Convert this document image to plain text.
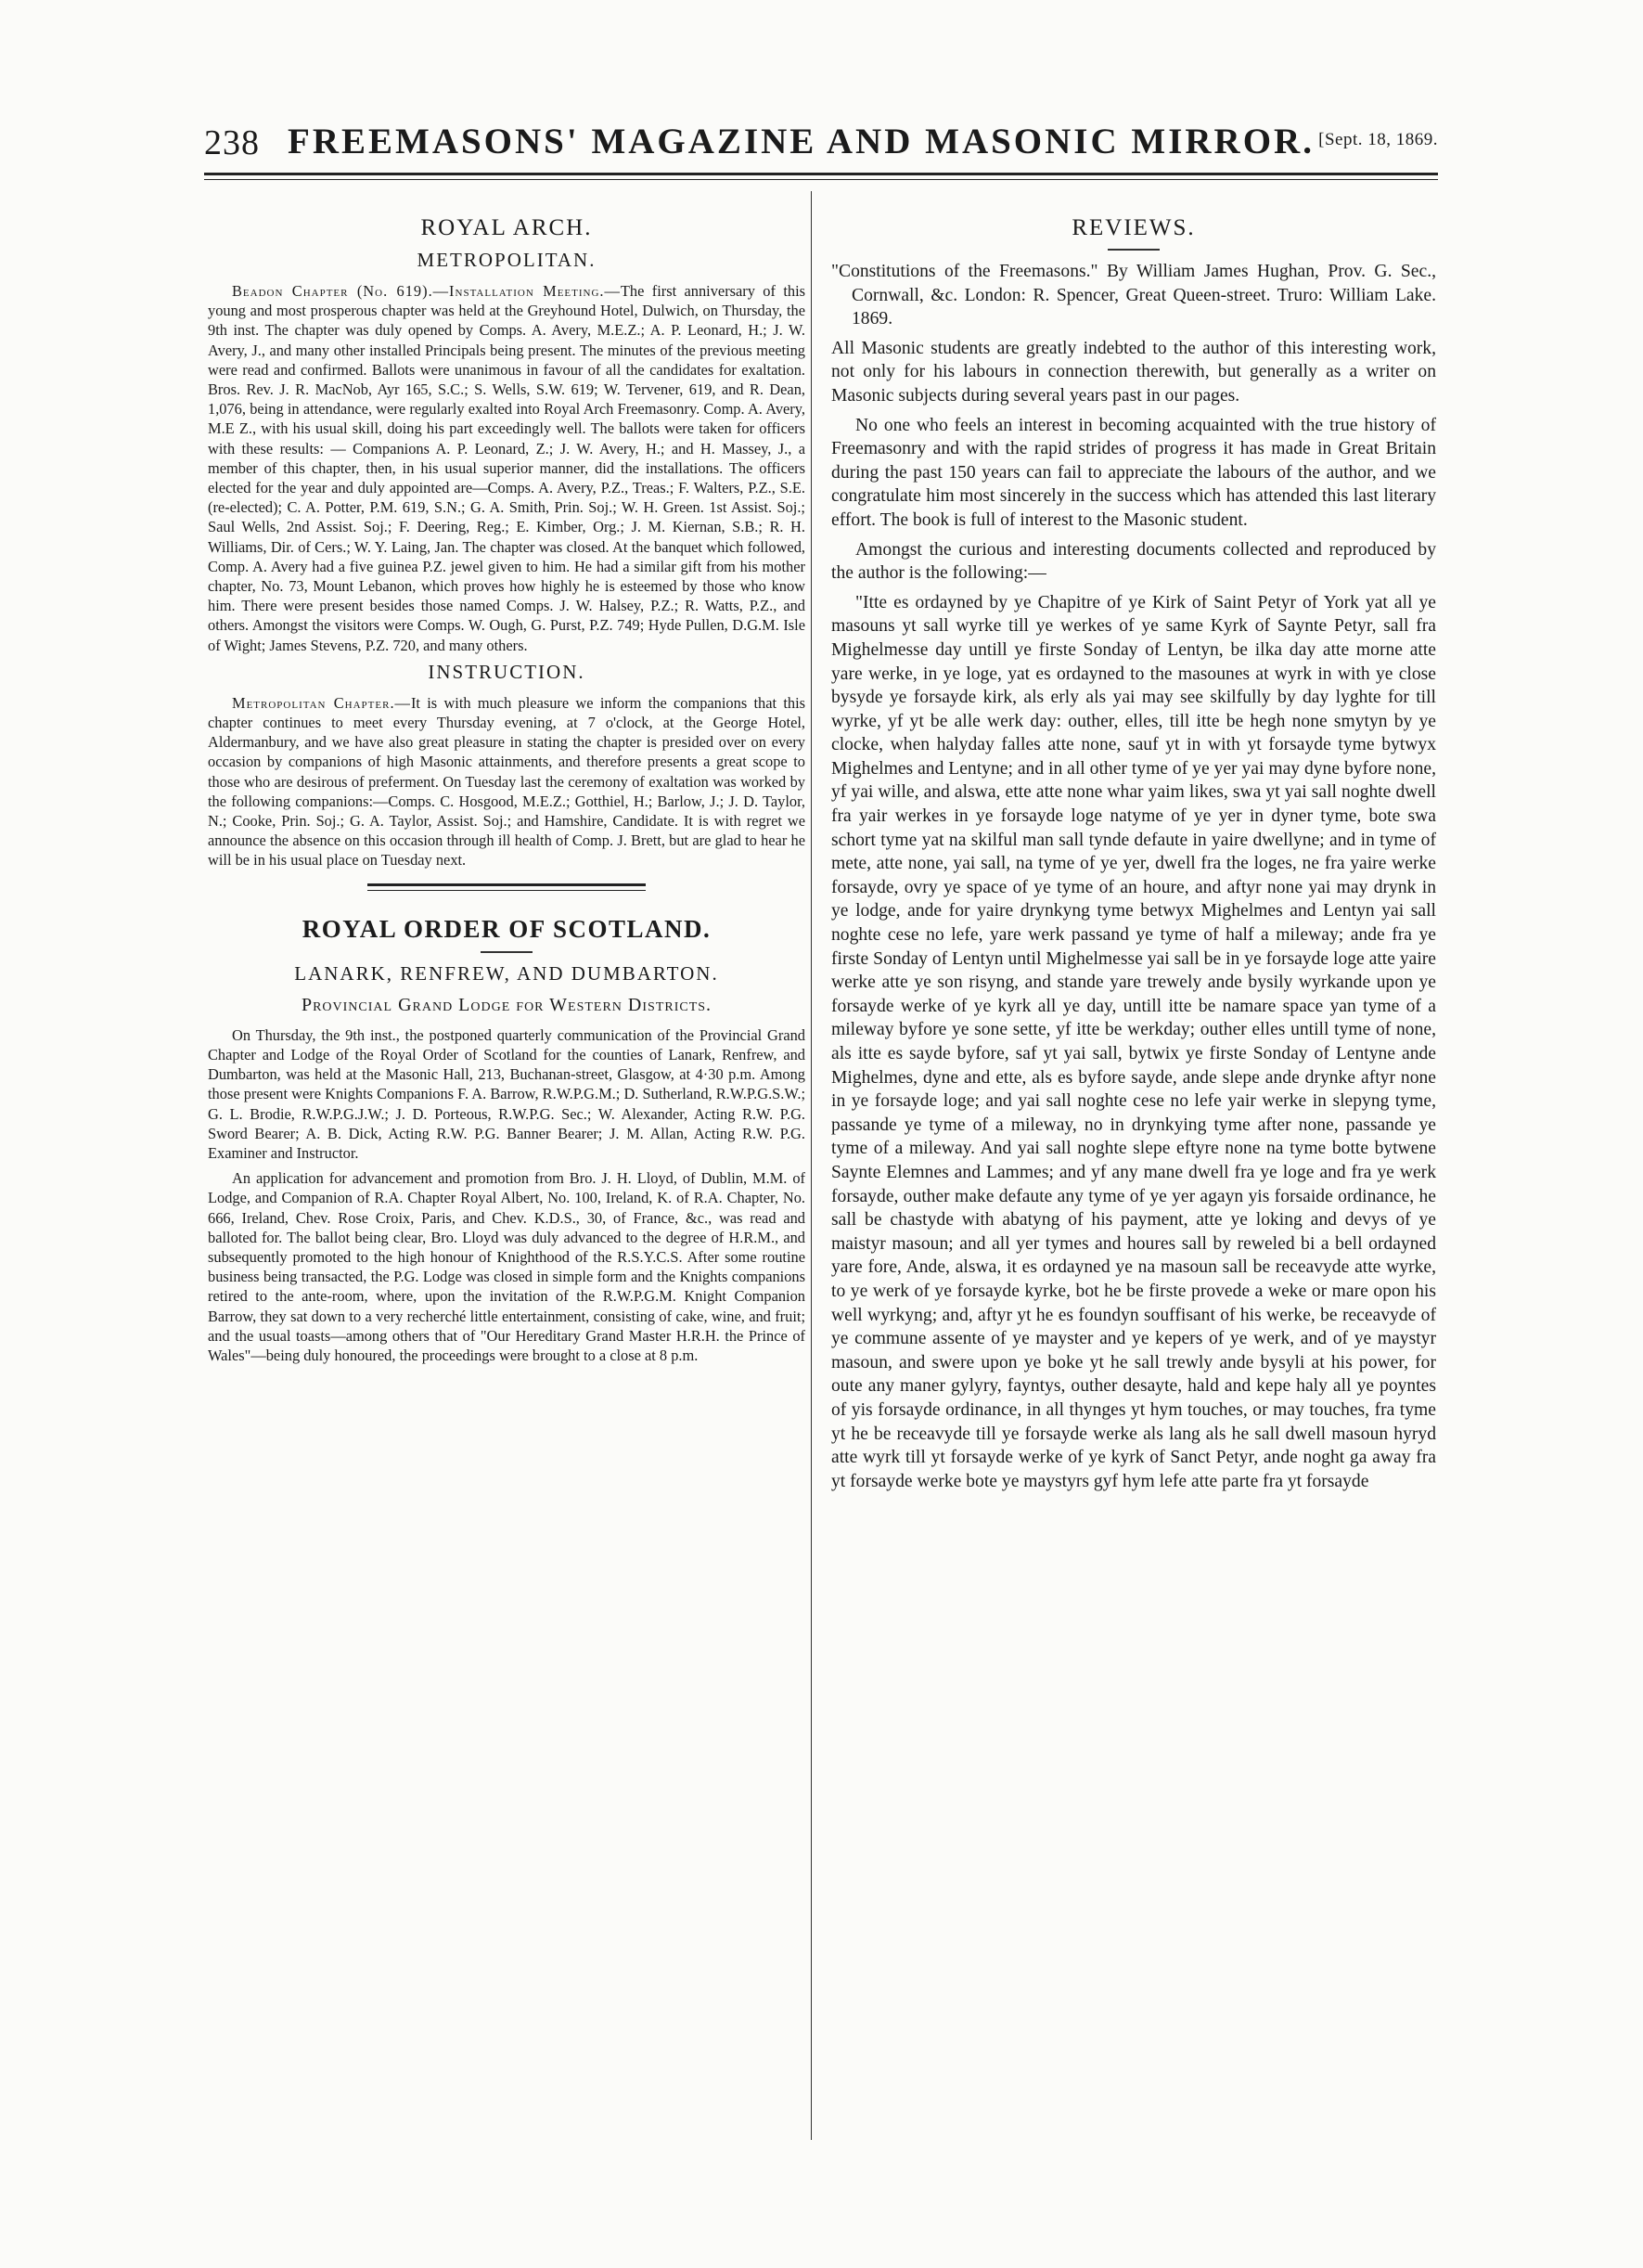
238 FREEMASONS' MAGAZINE AND MASONIC MIRROR. [Sept. 18, 1869.
ROYAL ARCH.
METROPOLITAN.

Beadon Chapter (No. 619).—Installation Meeting.—The first anniversary of this young and most prosperous chapter was held at the Greyhound Hotel, Dulwich, on Thursday, the 9th inst. The chapter was duly opened by Comps. A. Avery, M.E.Z.; A. P. Leonard, H.; J. W. Avery, J., and many other installed Principals being present. The minutes of the previous meeting were read and confirmed. Ballots were unanimous in favour of all the candidates for exaltation. Bros. Rev. J. R. MacNob, Ayr 165, S.C.; S. Wells, S.W. 619; W. Tervener, 619, and R. Dean, 1,076, being in attendance, were regularly exalted into Royal Arch Freemasonry. Comp. A. Avery, M.E Z., with his usual skill, doing his part exceedingly well. The ballots were taken for officers with these results: — Companions A. P. Leonard, Z.; J. W. Avery, H.; and H. Massey, J., a member of this chapter, then, in his usual superior manner, did the installations. The officers elected for the year and duly appointed are—Comps. A. Avery, P.Z., Treas.; F. Walters, P.Z., S.E. (re-elected); C. A. Potter, P.M. 619, S.N.; G. A. Smith, Prin. Soj.; W. H. Green. 1st Assist. Soj.; Saul Wells, 2nd Assist. Soj.; F. Deering, Reg.; E. Kimber, Org.; J. M. Kiernan, S.B.; R. H. Williams, Dir. of Cers.; W. Y. Laing, Jan. The chapter was closed. At the banquet which followed, Comp. A. Avery had a five guinea P.Z. jewel given to him. He had a similar gift from his mother chapter, No. 73, Mount Lebanon, which proves how highly he is esteemed by those who know him. There were present besides those named Comps. J. W. Halsey, P.Z.; R. Watts, P.Z., and others. Amongst the visitors were Comps. W. Ough, G. Purst, P.Z. 749; Hyde Pullen, D.G.M. Isle of Wight; James Stevens, P.Z. 720, and many others.

INSTRUCTION.

Metropolitan Chapter.—It is with much pleasure we inform the companions that this chapter continues to meet every Thursday evening, at 7 o'clock, at the George Hotel, Aldermanbury, and we have also great pleasure in stating the chapter is presided over on every occasion by companions of high Masonic attainments, and therefore presents a great scope to those who are desirous of preferment. On Tuesday last the ceremony of exaltation was worked by the following companions:—Comps. C. Hosgood, M.E.Z.; Gotthiel, H.; Barlow, J.; J. D. Taylor, N.; Cooke, Prin. Soj.; G. A. Taylor, Assist. Soj.; and Hamshire, Candidate. It is with regret we announce the absence on this occasion through ill health of Comp. J. Brett, but are glad to hear he will be in his usual place on Tuesday next.

ROYAL ORDER OF SCOTLAND.
LANARK, RENFREW, AND DUMBARTON.
Provincial Grand Lodge for Western Districts.

On Thursday, the 9th inst., the postponed quarterly communication of the Provincial Grand Chapter and Lodge of the Royal Order of Scotland for the counties of Lanark, Renfrew, and Dumbarton, was held at the Masonic Hall, 213, Buchanan-street, Glasgow, at 4·30 p.m. Among those present were Knights Companions F. A. Barrow, R.W.P.G.M.; D. Sutherland, R.W.P.G.S.W.; G. L. Brodie, R.W.P.G.J.W.; J. D. Porteous, R.W.P.G. Sec.; W. Alexander, Acting R.W. P.G. Sword Bearer; A. B. Dick, Acting R.W. P.G. Banner Bearer; J. M. Allan, Acting R.W. P.G. Examiner and Instructor.

An application for advancement and promotion from Bro. J. H. Lloyd, of Dublin, M.M. of Lodge, and Companion of R.A. Chapter Royal Albert, No. 100, Ireland, K. of R.A. Chapter, No. 666, Ireland, Chev. Rose Croix, Paris, and Chev. K.D.S., 30, of France, &c., was read and balloted for. The ballot being clear, Bro. Lloyd was duly advanced to the degree of H.R.M., and subsequently promoted to the high honour of Knighthood of the R.S.Y.C.S. After some routine business being transacted, the P.G. Lodge was closed in simple form and the Knights companions retired to the ante-room, where, upon the invitation of the R.W.P.G.M. Knight Companion Barrow, they sat down to a very recherché little entertainment, consisting of cake, wine, and fruit; and the usual toasts—among others that of "Our Hereditary Grand Master H.R.H. the Prince of Wales"—being duly honoured, the proceedings were brought to a close at 8 p.m.

REVIEWS.

"Constitutions of the Freemasons." By William James Hughan, Prov. G. Sec., Cornwall, &c. London: R. Spencer, Great Queen-street. Truro: William Lake. 1869.

All Masonic students are greatly indebted to the author of this interesting work, not only for his labours in connection therewith, but generally as a writer on Masonic subjects during several years past in our pages.

No one who feels an interest in becoming acquainted with the true history of Freemasonry and with the rapid strides of progress it has made in Great Britain during the past 150 years can fail to appreciate the labours of the author, and we congratulate him most sincerely in the success which has attended this last literary effort. The book is full of interest to the Masonic student.

Amongst the curious and interesting documents collected and reproduced by the author is the following:—

"Itte es ordayned by ye Chapitre of ye Kirk of Saint Petyr of York yat all ye masouns yt sall wyrke till ye werkes of ye same Kyrk of Saynte Petyr, sall fra Mighelmesse day untill ye firste Sonday of Lentyn, be ilka day atte morne atte yare werke, in ye loge, yat es ordayned to the masounes at wyrk in with ye close bysyde ye forsayde kirk, als erly als yai may see skilfully by day lyghte for till wyrke, yf yt be alle werk day: outher, elles, till itte be hegh none smytyn by ye clocke, when halyday falles atte none, sauf yt in with yt forsayde tyme bytwyx Mighelmes and Lentyne; and in all other tyme of ye yer yai may dyne byfore none, yf yai wille, and alswa, ette atte none whar yaim likes, swa yt yai sall noghte dwell fra yair werkes in ye forsayde loge natyme of ye yer in dyner tyme, bote swa schort tyme yat na skilful man sall tynde defaute in yaire dwellyne; and in tyme of mete, atte none, yai sall, na tyme of ye yer, dwell fra the loges, ne fra yaire werke forsayde, ovry ye space of ye tyme of an houre, and aftyr none yai may drynk in ye lodge, ande for yaire drynkyng tyme betwyx Mighelmes and Lentyn yai sall noghte cese no lefe, yare werk passand ye tyme of half a mileway; ande fra ye firste Sonday of Lentyn until Mighelmesse yai sall be in ye forsayde loge atte yaire werke atte ye son risyng, and stande yare trewely ande bysily wyrkande upon ye forsayde werke of ye kyrk all ye day, untill itte be namare space yan tyme of a mileway byfore ye sone sette, yf itte be werkday; outher elles untill tyme of none, als itte es sayde byfore, saf yt yai sall, bytwix ye firste Sonday of Lentyne ande Mighelmes, dyne and ette, als es byfore sayde, ande slepe ande drynke aftyr none in ye forsayde loge; and yai sall noghte cese no lefe yair werke in slepyng tyme, passande ye tyme of a mileway, no in drynkying tyme after none, passande ye tyme of a mileway. And yai sall noghte slepe eftyre none na tyme botte bytwene Saynte Elemnes and Lammes; and yf any mane dwell fra ye loge and fra ye werk forsayde, outher make defaute any tyme of ye yer agayn yis forsaide ordinance, he sall be chastyde with abatyng of his payment, atte ye loking and devys of ye maistyr masoun; and all yer tymes and houres sall by reweled bi a bell ordayned yare fore, Ande, alswa, it es ordayned ye na masoun sall be receavyde atte wyrke, to ye werk of ye forsayde kyrke, bot he be firste provede a weke or mare opon his well wyrkyng; and, aftyr yt he es foundyn souffisant of his werke, be receavyde of ye commune assente of ye mayster and ye kepers of ye werk, and of ye maystyr masoun, and swere upon ye boke yt he sall trewly ande bysyli at his power, for oute any maner gylyry, fayntys, outher desayte, hald and kepe haly all ye poyntes of yis forsayde ordinance, in all thynges yt hym touches, or may touches, fra tyme yt he be receavyde till ye forsayde werke als lang als he sall dwell masoun hyryd atte wyrk till yt forsayde werke of ye kyrk of Sanct Petyr, ande noght ga away fra yt forsayde werke bote ye maystyrs gyf hym lefe atte parte fra yt forsayde
